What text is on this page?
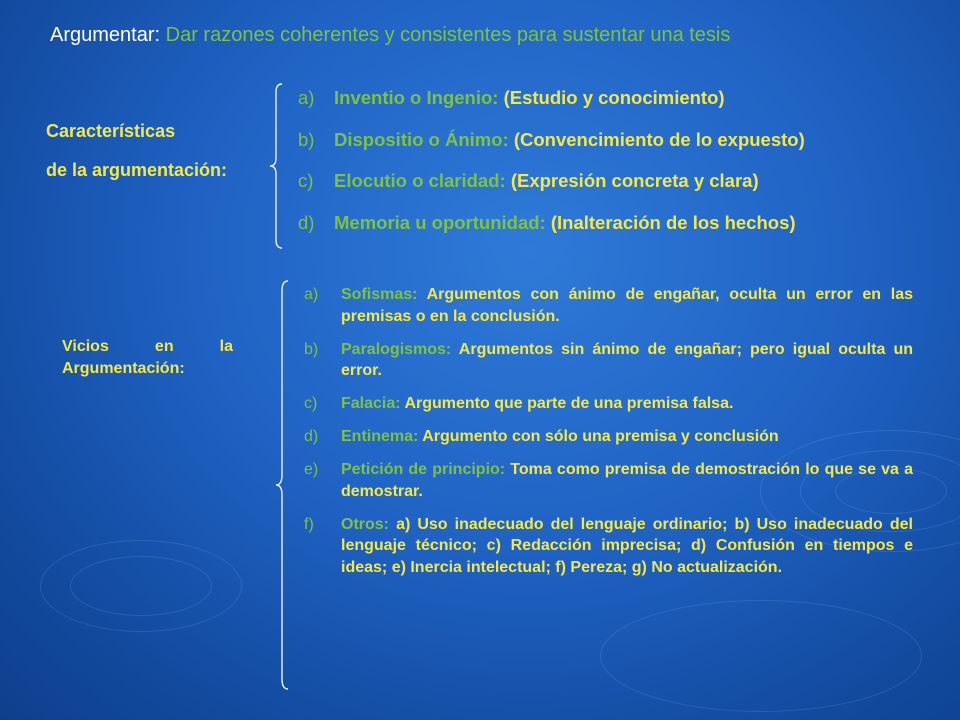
Argumentar: Dar razones coherentes y consistentes para sustentar una tesis
Características
de la argumentación:
a) Inventio o Ingenio: (Estudio y conocimiento)
b) Dispositio o Ánimo: (Convencimiento de lo expuesto)
c) Elocutio o claridad: (Expresión concreta y clara)
d) Memoria u oportunidad: (Inalteración de los hechos)
Vicios en la
Argumentación:
a)	Sofismas: Argumentos con ánimo de engañar, oculta un error en las premisas o en la conclusión.
b)	Paralogismos: Argumentos sin ánimo de engañar; pero igual oculta un error.
c)	Falacia: Argumento que parte de una premisa falsa.
d)	Entinema: Argumento con sólo una premisa y conclusión
e)	Petición de principio: Toma como premisa de demostración lo que se va a demostrar.
f)	Otros: a) Uso inadecuado del lenguaje ordinario; b) Uso inadecuado del lenguaje técnico; c) Redacción imprecisa; d) Confusión en tiempos e ideas; e) Inercia intelectual; f) Pereza; g) No actualización.
